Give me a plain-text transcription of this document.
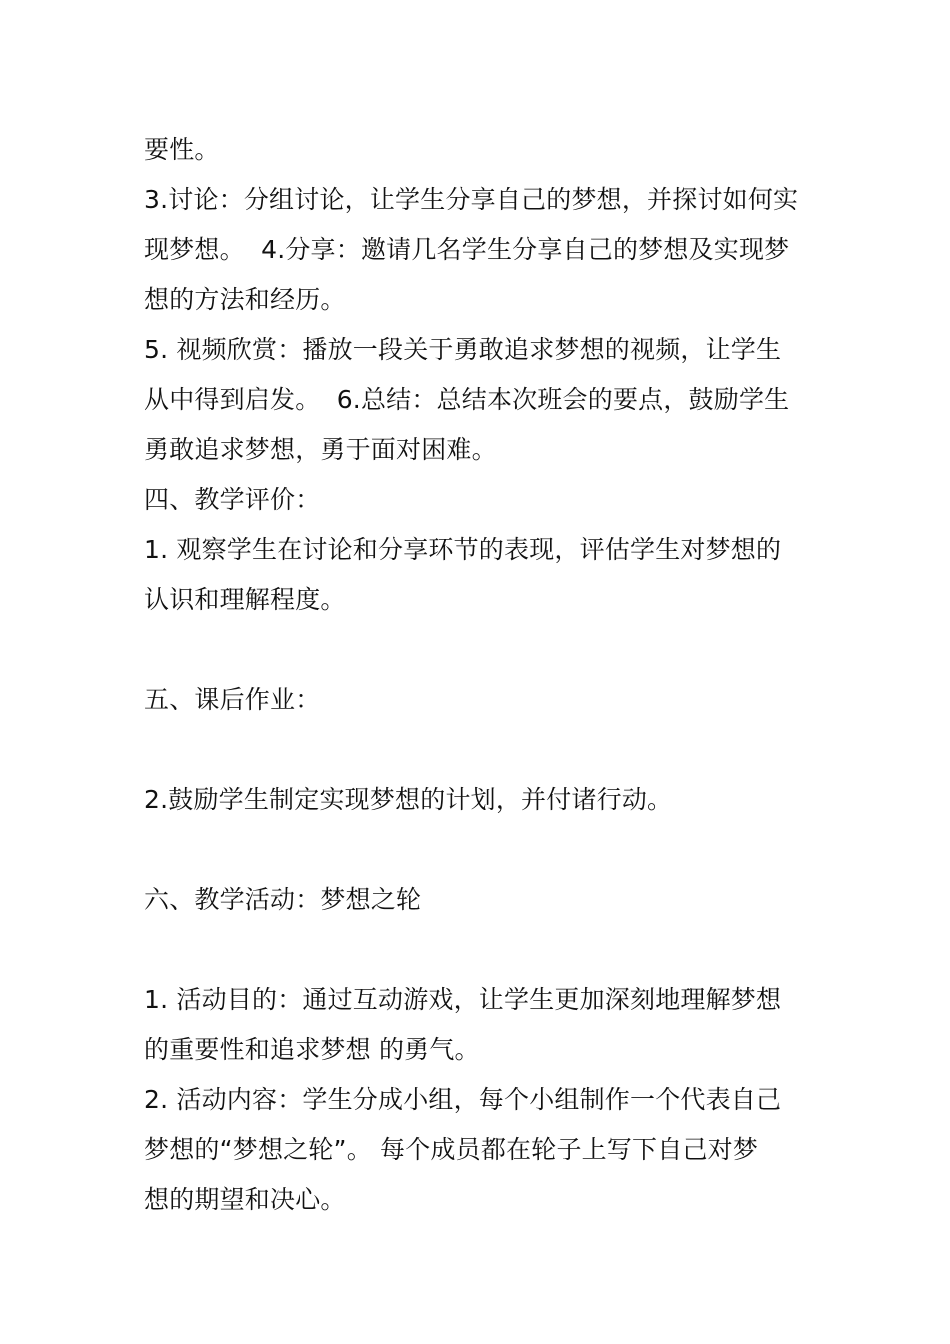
要性。
3.讨论：分组讨论，让学生分享自己的梦想，并探讨如何实
现梦想。  4.分享：邀请几名学生分享自己的梦想及实现梦
想的方法和经历。
5. 视频欣赏：播放一段关于勇敢追求梦想的视频，让学生
从中得到启发。  6.总结：总结本次班会的要点，鼓励学生
勇敢追求梦想，勇于面对困难。
四、教学评价：
1. 观察学生在讨论和分享环节的表现，评估学生对梦想的
认识和理解程度。
五、课后作业：
2.鼓励学生制定实现梦想的计划，并付诸行动。
六、教学活动：梦想之轮
1. 活动目的：通过互动游戏，让学生更加深刻地理解梦想
的重要性和追求梦想 的勇气。
2. 活动内容：学生分成小组，每个小组制作一个代表自己
梦想的“梦想之轮”。 每个成员都在轮子上写下自己对梦
想的期望和决心。
